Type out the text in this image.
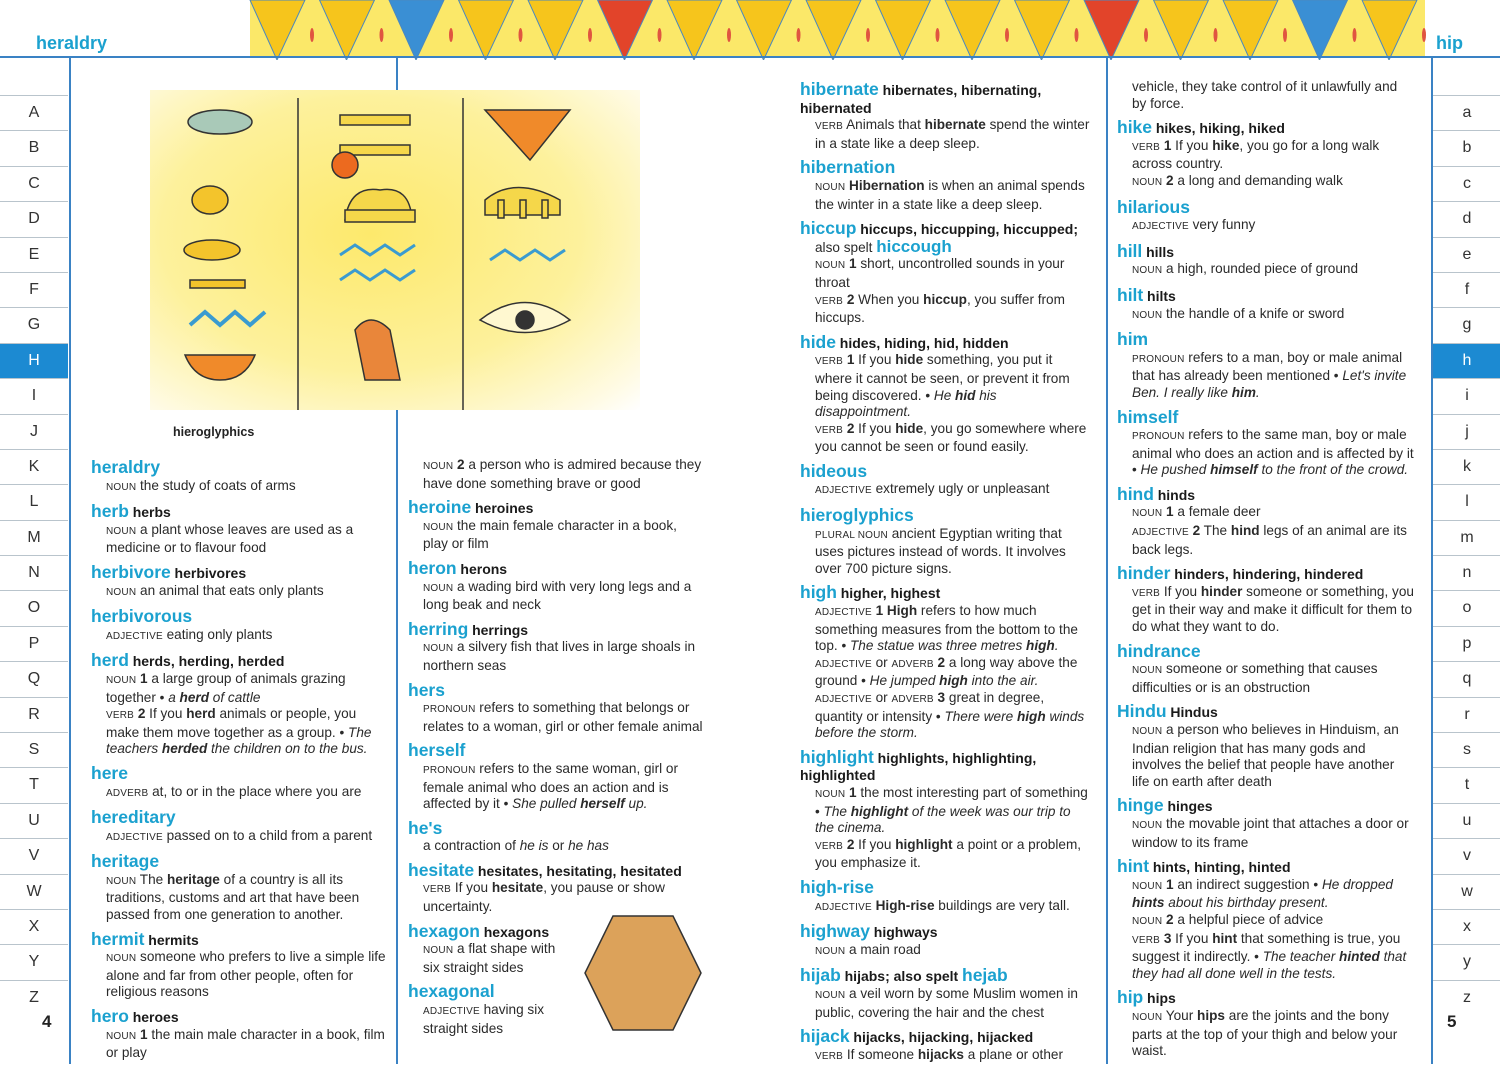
heraldry	hip
A
B
C
D
E
F
G
H
I
J
K
L
M
N
O
P
Q
R
S
T
U
V
W
X
Y
Z
a
b
c
d
e
f
g
h
i
j
k
l
m
n
o
p
q
r
s
t
u
v
w
x
y
z
4	5
hieroglyphics
heraldry
NOUN the study of coats of arms
herb herbs
NOUN a plant whose leaves are used as a medicine or to flavour food
herbivore herbivores
NOUN an animal that eats only plants
herbivorous
ADJECTIVE eating only plants
herd herds, herding, herded
NOUN 1 a large group of animals grazing together • a herd of cattle
VERB 2 If you herd animals or people, you make them move together as a group. • The teachers herded the children on to the bus.
here
ADVERB at, to or in the place where you are
hereditary
ADJECTIVE passed on to a child from a parent
heritage
NOUN The heritage of a country is all its traditions, customs and art that have been passed from one generation to another.
hermit hermits
NOUN someone who prefers to live a simple life alone and far from other people, often for religious reasons
hero heroes
NOUN 1 the main male character in a book, film or play
NOUN 2 a person who is admired because they have done something brave or good
heroine heroines
NOUN the main female character in a book, play or film
heron herons
NOUN a wading bird with very long legs and a long beak and neck
herring herrings
NOUN a silvery fish that lives in large shoals in northern seas
hers
PRONOUN refers to something that belongs or relates to a woman, girl or other female animal
herself
PRONOUN refers to the same woman, girl or female animal who does an action and is affected by it • She pulled herself up.
he's
a contraction of he is or he has
hesitate hesitates, hesitating, hesitated
VERB If you hesitate, you pause or show uncertainty.
hexagon hexagons
NOUN a flat shape with six straight sides
hexagonal
ADJECTIVE having six straight sides
hibernate hibernates, hibernating, hibernated
VERB Animals that hibernate spend the winter in a state like a deep sleep.
hibernation
NOUN Hibernation is when an animal spends the winter in a state like a deep sleep.
hiccup hiccups, hiccupping, hiccupped;
also spelt hiccough
NOUN 1 short, uncontrolled sounds in your throat
VERB 2 When you hiccup, you suffer from hiccups.
hide hides, hiding, hid, hidden
VERB 1 If you hide something, you put it where it cannot be seen, or prevent it from being discovered. • He hid his disappointment.
VERB 2 If you hide, you go somewhere where you cannot be seen or found easily.
hideous
ADJECTIVE extremely ugly or unpleasant
hieroglyphics
PLURAL NOUN ancient Egyptian writing that uses pictures instead of words. It involves over 700 picture signs.
high higher, highest
ADJECTIVE 1 High refers to how much something measures from the bottom to the top. • The statue was three metres high.
ADJECTIVE or ADVERB 2 a long way above the ground • He jumped high into the air.
ADJECTIVE or ADVERB 3 great in degree, quantity or intensity • There were high winds before the storm.
highlight highlights, highlighting, highlighted
NOUN 1 the most interesting part of something • The highlight of the week was our trip to the cinema.
VERB 2 If you highlight a point or a problem, you emphasize it.
high-rise
ADJECTIVE High-rise buildings are very tall.
highway highways
NOUN a main road
hijab hijabs; also spelt hejab
NOUN a veil worn by some Muslim women in public, covering the hair and the chest
hijack hijacks, hijacking, hijacked
VERB If someone hijacks a plane or other
vehicle, they take control of it unlawfully and by force.
hike hikes, hiking, hiked
VERB 1 If you hike, you go for a long walk across country.
NOUN 2 a long and demanding walk
hilarious
ADJECTIVE very funny
hill hills
NOUN a high, rounded piece of ground
hilt hilts
NOUN the handle of a knife or sword
him
PRONOUN refers to a man, boy or male animal that has already been mentioned • Let's invite Ben. I really like him.
himself
PRONOUN refers to the same man, boy or male animal who does an action and is affected by it • He pushed himself to the front of the crowd.
hind hinds
NOUN 1 a female deer
ADJECTIVE 2 The hind legs of an animal are its back legs.
hinder hinders, hindering, hindered
VERB If you hinder someone or something, you get in their way and make it difficult for them to do what they want to do.
hindrance
NOUN someone or something that causes difficulties or is an obstruction
Hindu Hindus
NOUN a person who believes in Hinduism, an Indian religion that has many gods and involves the belief that people have another life on earth after death
hinge hinges
NOUN the movable joint that attaches a door or window to its frame
hint hints, hinting, hinted
NOUN 1 an indirect suggestion • He dropped hints about his birthday present.
NOUN 2 a helpful piece of advice
VERB 3 If you hint that something is true, you suggest it indirectly. • The teacher hinted that they had all done well in the tests.
hip hips
NOUN Your hips are the joints and the bony parts at the top of your thigh and below your waist.
